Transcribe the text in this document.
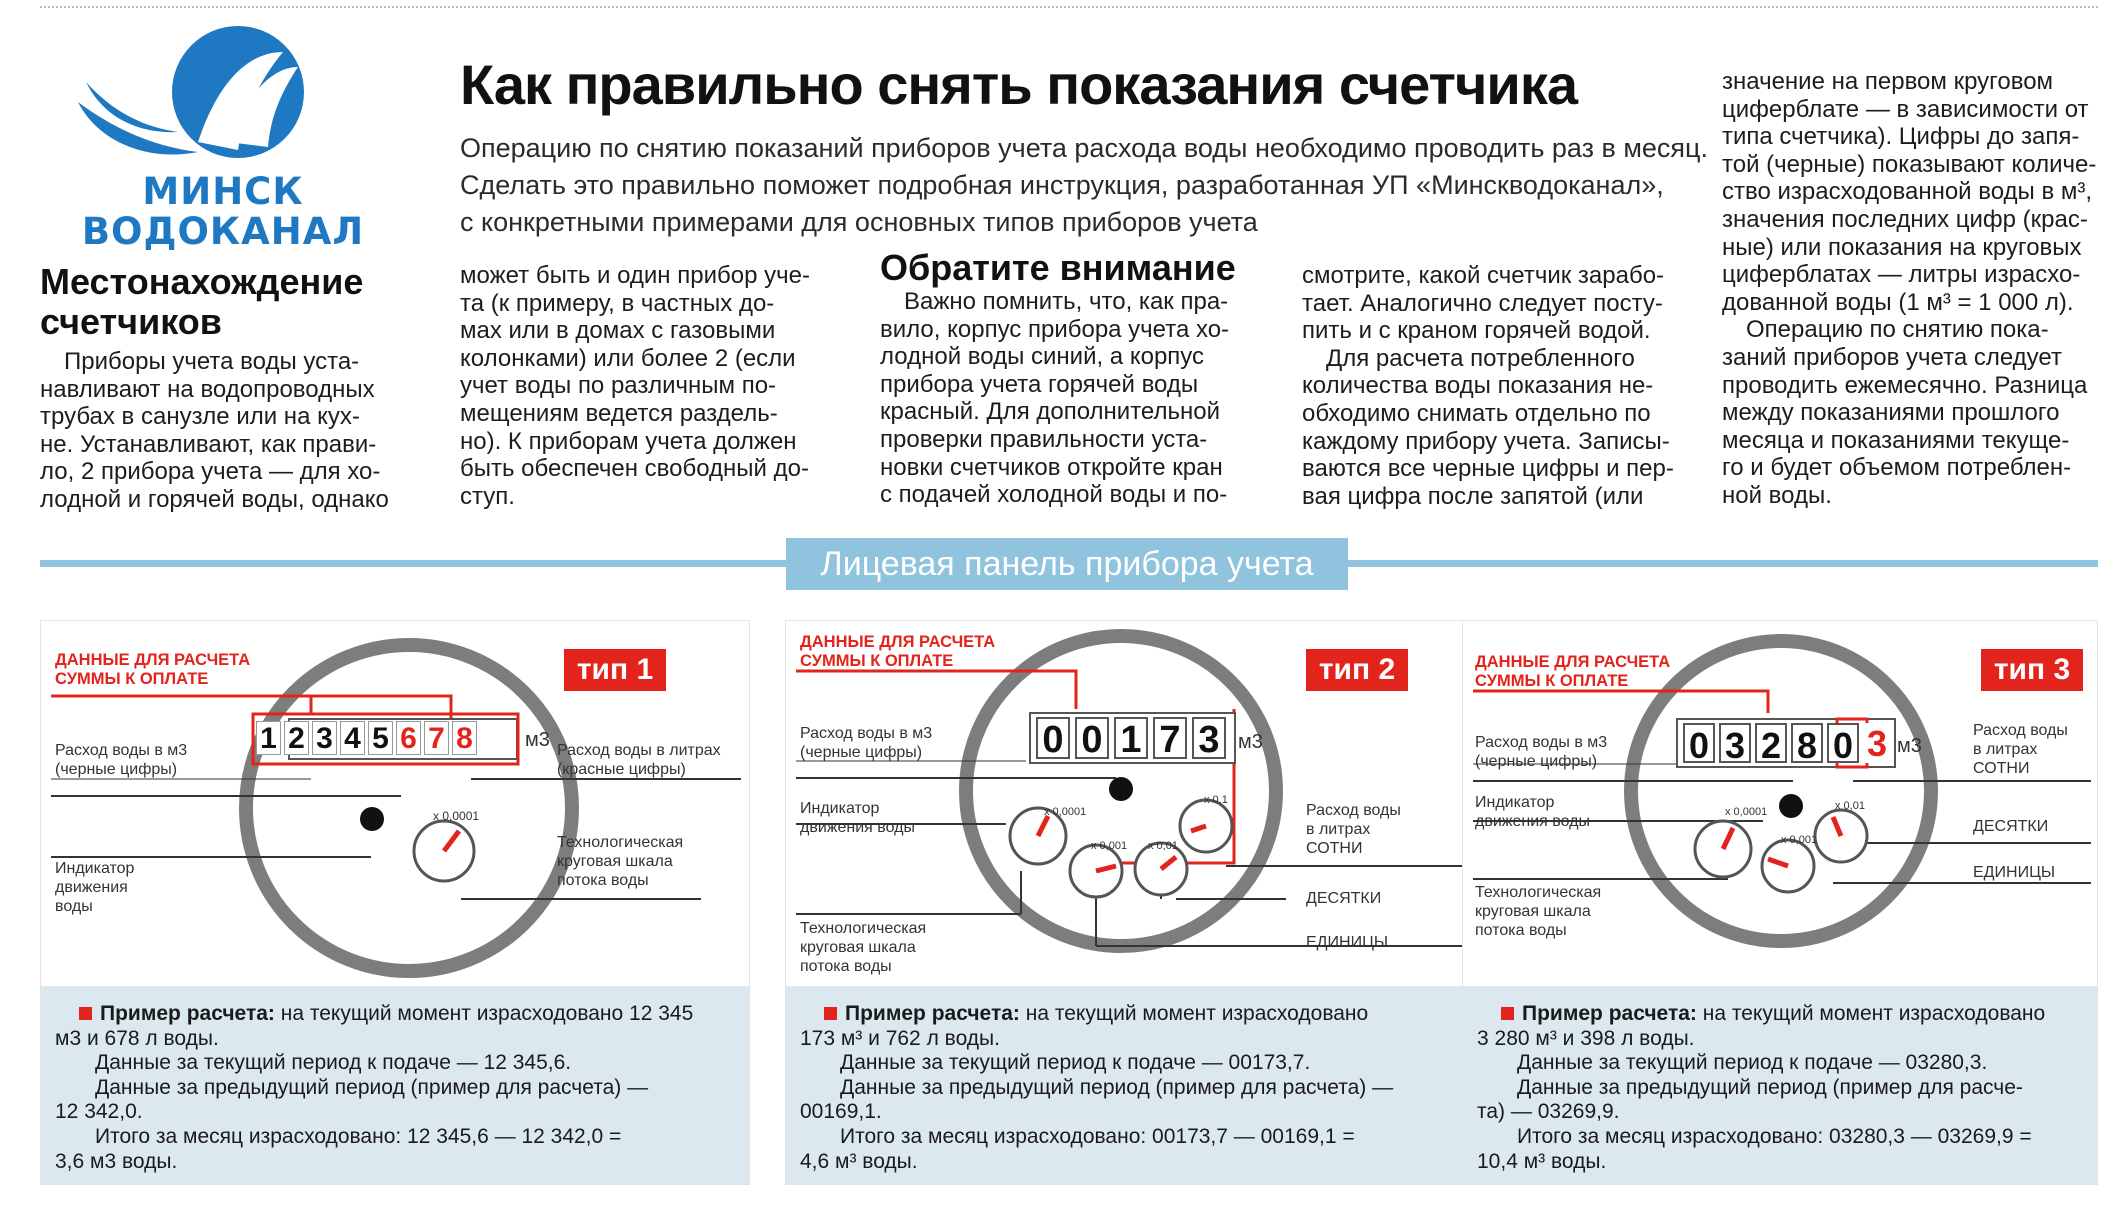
МИНСК
ВОДОКАНАЛ
Как правильно снять показания счетчика

Операцию по снятию показаний приборов учета расхода воды необходимо проводить раз в месяц.

Сделать это правильно поможет подробная инструкция, разработанная УП «Минскводоканал»,

с конкретными примерами для основных типов приборов учета

Местонахождение
счетчиков

Приборы учета воды уста-

навливают на водопроводных

трубах в санузле или на кух-

не. Устанавливают, как прави-

ло, 2 прибора учета — для хо-

лодной и горячей воды, однако

может быть и один прибор уче-

та (к примеру, в частных до-

мах или в домах с газовыми

колонками) или более 2 (если

учет воды по различным по-

мещениям ведется раздель-

но). К приборам учета должен

быть обеспечен свободный до-

ступ.

Обратите внимание

Важно помнить, что, как пра-

вило, корпус прибора учета хо-

лодной воды синий, а корпус

прибора учета горячей воды

красный. Для дополнительной

проверки правильности уста-

новки счетчиков откройте кран

с подачей холодной воды и по-

смотрите, какой счетчик зарабо-

тает. Аналогично следует посту-

пить и с краном горячей водой.

Для расчета потребленного

количества воды показания не-

обходимо снимать отдельно по

каждому прибору учета. Записы-

ваются все черные цифры и пер-

вая цифра после запятой (или

значение на первом круговом

циферблате — в зависимости от

типа счетчика). Цифры до запя-

той (черные) показывают количе-

ство израсходованной воды в м³,

значения последних цифр (крас-

ные) или показания на круговых

циферблатах — литры израсхо-

дованной воды (1 м³ = 1 000 л).

Операцию по снятию пока-

заний приборов учета следует

проводить ежемесячно. Разница

между показаниями прошлого

месяца и показаниями текуще-

го и будет объемом потреблен-

ной воды.

Лицевая панель прибора учета

ДАННЫЕ ДЛЯ РАСЧЕТА

СУММЫ К ОПЛАТЕ	тип 1
1 2 3 4 5 6 7 8	м3

Расход воды в м3

(черные цифры)

Расход воды в литрах

(красные цифры)

Индикатор

движения

воды

Технологическая

круговая шкала

потока воды

x 0,0001

Пример расчета: на текущий момент израсходовано 12 345

м3 и 678 л воды.

Данные за текущий период к подаче — 12 345,6.

Данные за предыдущий период (пример для расчета) —

12 342,0.

Итого за месяц израсходовано: 12 345,6 — 12 342,0 =

3,6 м3 воды.

ДАННЫЕ ДЛЯ РАСЧЕТА

СУММЫ К ОПЛАТЕ	тип 2
0 0 1 7 3 м3

Расход воды в м3

(черные цифры)

Индикатор

движения воды

Технологическая

круговая шкала

потока воды

Расход воды

в литрах

СОТНИ

ДЕСЯТКИ
ЕДИНИЦЫ
x 0,0001
x 0,001 x 0,01
x 0,1

Пример расчета: на текущий момент израсходовано

173 м³ и 762 л воды.

Данные за текущий период к подаче — 00173,7.

Данные за предыдущий период (пример для расчета) —

00169,1.

Итого за месяц израсходовано: 00173,7 — 00169,1 =

4,6 м³ воды.

ДАННЫЕ ДЛЯ РАСЧЕТА

СУММЫ К ОПЛАТЕ	тип 3
0 3 2 8 0 3 м3

Расход воды в м3

(черные цифры)

Индикатор

движения воды

Технологическая

круговая шкала

потока воды

Расход воды

в литрах

СОТНИ

ДЕСЯТКИ
ЕДИНИЦЫ
x 0,0001
x 0,001
x 0,01

Пример расчета: на текущий момент израсходовано

3 280 м³ и 398 л воды.

Данные за текущий период к подаче — 03280,3.

Данные за предыдущий период (пример для расче-

та) — 03269,9.

Итого за месяц израсходовано: 03280,3 — 03269,9 =

10,4 м³ воды.
